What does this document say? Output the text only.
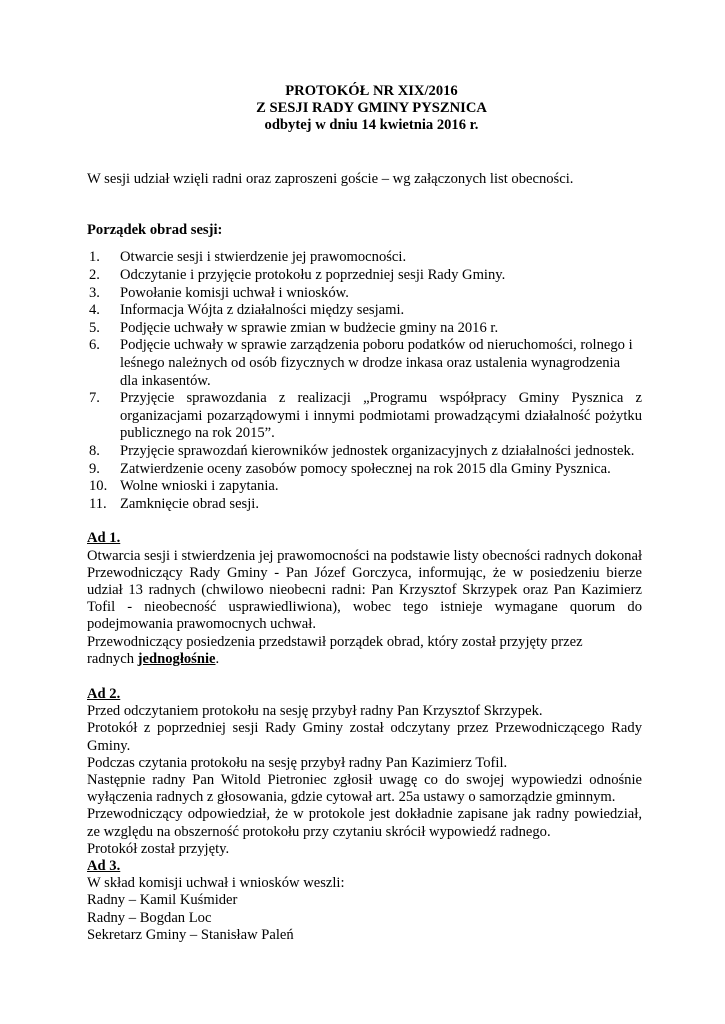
PROTOKÓŁ NR XIX/2016
Z SESJI RADY GMINY PYSZNICA
odbytej w dniu 14 kwietnia 2016 r.
W sesji udział wzięli radni oraz zaproszeni goście – wg załączonych list obecności.
Porządek obrad sesji:
1. Otwarcie sesji i stwierdzenie jej prawomocności.
2. Odczytanie i przyjęcie protokołu z poprzedniej sesji Rady Gminy.
3. Powołanie komisji uchwał i wniosków.
4. Informacja Wójta z działalności między sesjami.
5. Podjęcie uchwały w sprawie zmian w budżecie gminy na 2016 r.
6. Podjęcie uchwały w sprawie zarządzenia poboru podatków od nieruchomości, rolnego i leśnego należnych od osób fizycznych w drodze inkasa oraz ustalenia wynagrodzenia dla inkasentów.
7. Przyjęcie sprawozdania z realizacji „Programu współpracy Gminy Pysznica z organizacjami pozarządowymi i innymi podmiotami prowadzącymi działalność pożytku publicznego na rok 2015”.
8. Przyjęcie sprawozdań kierowników jednostek organizacyjnych z działalności jednostek.
9. Zatwierdzenie oceny zasobów pomocy społecznej na rok 2015 dla Gminy Pysznica.
10. Wolne wnioski i zapytania.
11. Zamknięcie obrad sesji.
Ad 1.
Otwarcia sesji i stwierdzenia jej prawomocności na podstawie listy obecności radnych dokonał Przewodniczący Rady Gminy - Pan Józef Gorczyca, informując, że w posiedzeniu bierze udział 13 radnych (chwilowo nieobecni radni: Pan Krzysztof Skrzypek oraz Pan Kazimierz Tofil - nieobecność usprawiedliwiona), wobec tego istnieje wymagane quorum do podejmowania prawomocnych uchwał.
Przewodniczący posiedzenia przedstawił porządek obrad, który został przyjęty przez
radnych jednogłośnie.
Ad 2.
Przed odczytaniem protokołu na sesję przybył radny Pan Krzysztof Skrzypek.
Protokół z poprzedniej sesji Rady Gminy został odczytany przez Przewodniczącego Rady Gminy.
Podczas czytania protokołu na sesję przybył radny Pan Kazimierz Tofil.
Następnie radny Pan Witold Pietroniec zgłosił uwagę co do swojej wypowiedzi odnośnie wyłączenia radnych z głosowania, gdzie cytował art. 25a ustawy o samorządzie gminnym.
Przewodniczący odpowiedział, że w protokole jest dokładnie zapisane jak radny powiedział, ze względu na obszerność protokołu przy czytaniu skrócił wypowiedź radnego.
Protokół został przyjęty.
Ad 3.
W skład komisji uchwał i wniosków weszli:
Radny – Kamil Kuśmider
Radny – Bogdan Loc
Sekretarz Gminy – Stanisław Paleń
